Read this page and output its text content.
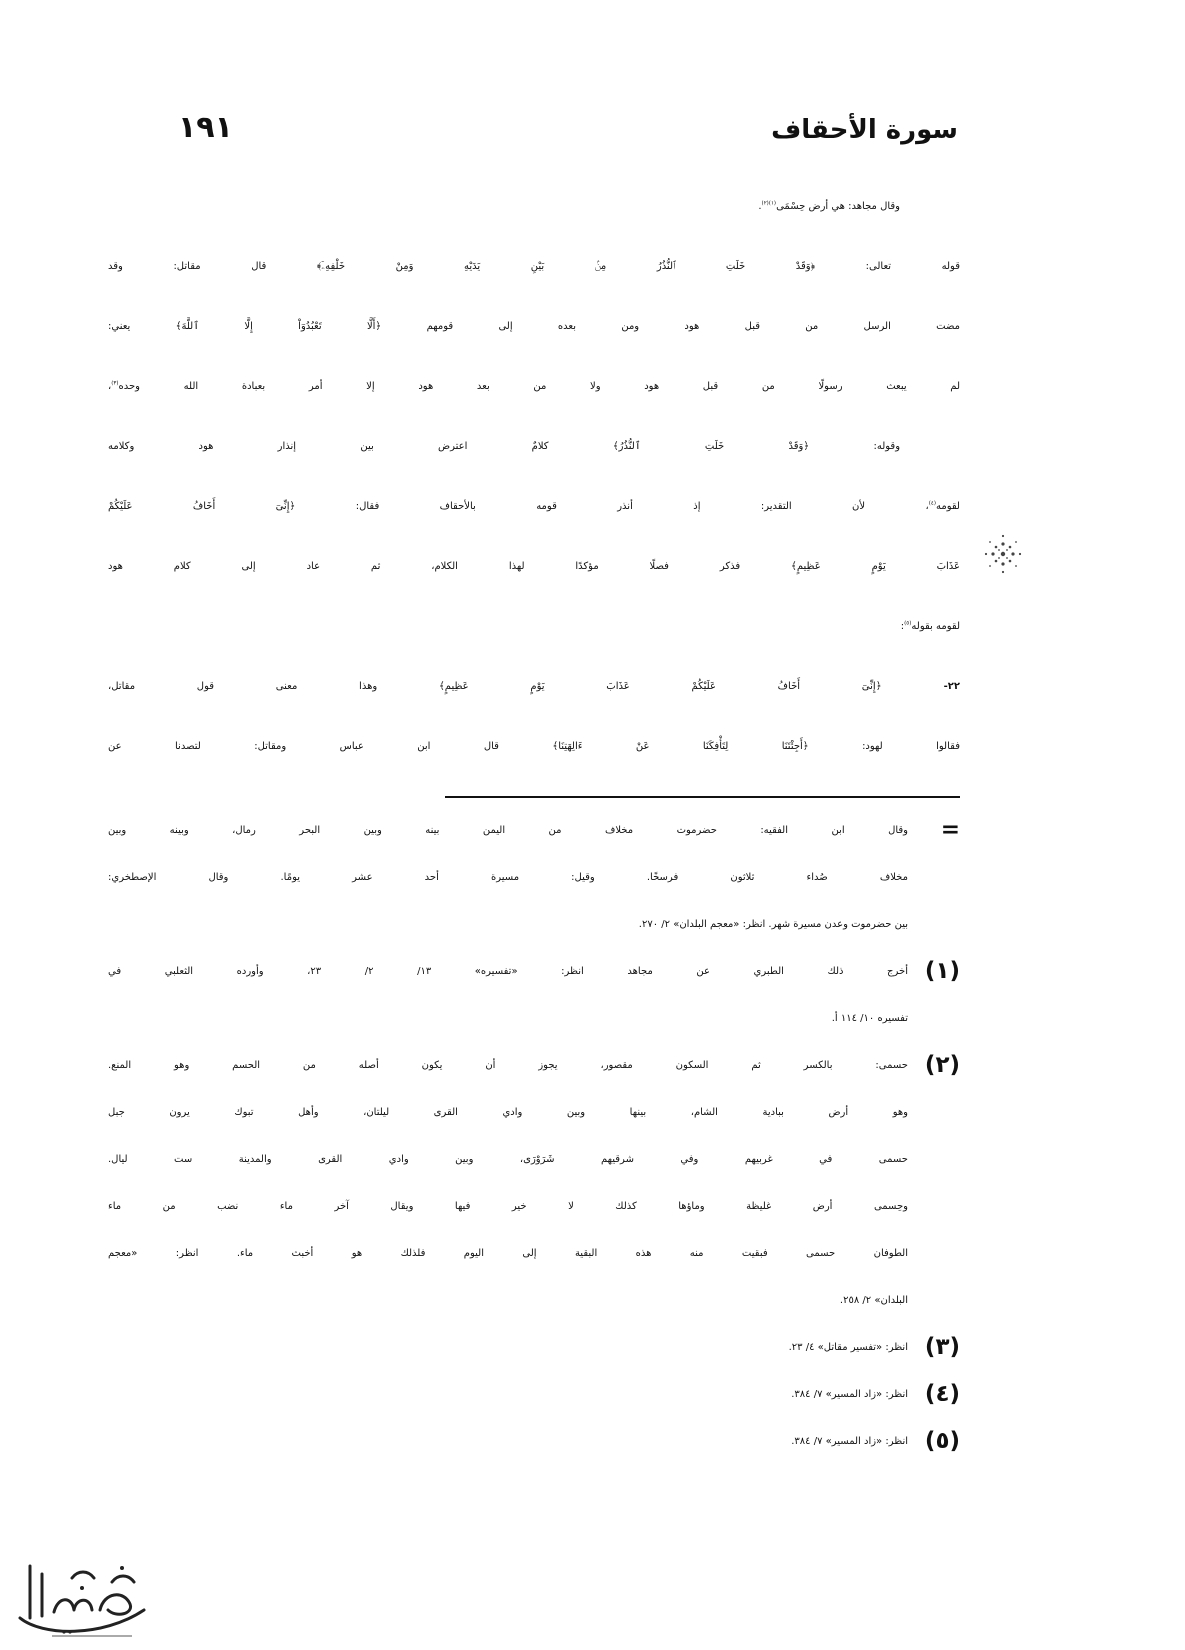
سورة الأحقاف
١٩١
وقال مجاهد: هي أرض حِسْمَى$^{(١)(٢)}$.
قوله تعالى: ﴿وَقَدْ خَلَتِ ٱلنُّذُرُ مِنۢ بَيْنِ يَدَيْهِ وَمِنْ خَلْفِهِۦٓ﴾ قال مقاتل: وقد
مضت الرسل من قبل هود ومن بعده إلى قومهم ﴿أَلَّا تَعْبُدُوٓاْ إِلَّا ٱللَّهَ﴾ يعني:
لم يبعث رسولًا من قبل هود ولا من بعد هود إلا أمر بعبادة الله وحده$^{(٣)}$،
وقوله: ﴿وَقَدْ خَلَتِ ٱلنُّذُرُ﴾ كلامٌ اعترض بين إنذار هود وكلامه
لقومه$^{(٤)}$، لأن التقدير: إذ أنذر قومه بالأحقاف فقال: ﴿إِنِّىٓ أَخَافُ عَلَيْكُمْ
عَذَابَ يَوْمٍ عَظِيمٍ﴾ فذكر فصلًا مؤكدًا لهذا الكلام، ثم عاد إلى كلام هود
لقومه بقوله$^{(٥)}$:
٢٢- ﴿إِنِّىٓ أَخَافُ عَلَيْكُمْ عَذَابَ يَوْمٍ عَظِيمٍ﴾ وهذا معنى قول مقاتل،
فقالوا لهود: ﴿أَجِئْتَنَا لِتَأْفِكَنَا عَنْ ءَالِهَتِنَا﴾ قال ابن عباس ومقاتل: لتصدنا عن
=
وقال ابن الفقيه: حضرموت مخلاف من اليمن بينه وبين البحر رمال، وبينه وبين
مخلاف صُداء ثلاثون فرسخًا. وقيل: مسيرة أحد عشر يومًا. وقال الإصطخري:
بين حضرموت وعدن مسيرة شهر. انظر: «معجم البلدان» ٢/ ٢٧٠.
(١)
أخرج ذلك الطبري عن مجاهد انظر: «تفسيره» ١٣/ ٢/ ٢٣، وأورده الثعلبي في
تفسيره ١٠/ ١١٤ أ.
(٢)
حسمى: بالكسر ثم السكون مقصور، يجوز أن يكون أصله من الحسم وهو المنع.
وهو أرض ببادية الشام، بينها وبين وادي القرى ليلتان، وأهل تبوك يرون جبل
حسمى في غربيهم وفي شرقيهم شَرَوْرَى، وبين وادي القرى والمدينة ست ليال.
وحِسمى أرض غليظة وماؤها كذلك لا خير فيها ويقال آخر ماء نضب من ماء
الطوفان حسمى فبقيت منه هذه البقية إلى اليوم فلذلك هو أخبث ماء. انظر: «معجم
البلدان» ٢/ ٢٥٨.
(٣)
انظر: «تفسير مقاتل» ٤/ ٢٣.
(٤)
انظر: «زاد المسير» ٧/ ٣٨٤.
(٥)
انظر: «زاد المسير» ٧/ ٣٨٤.
